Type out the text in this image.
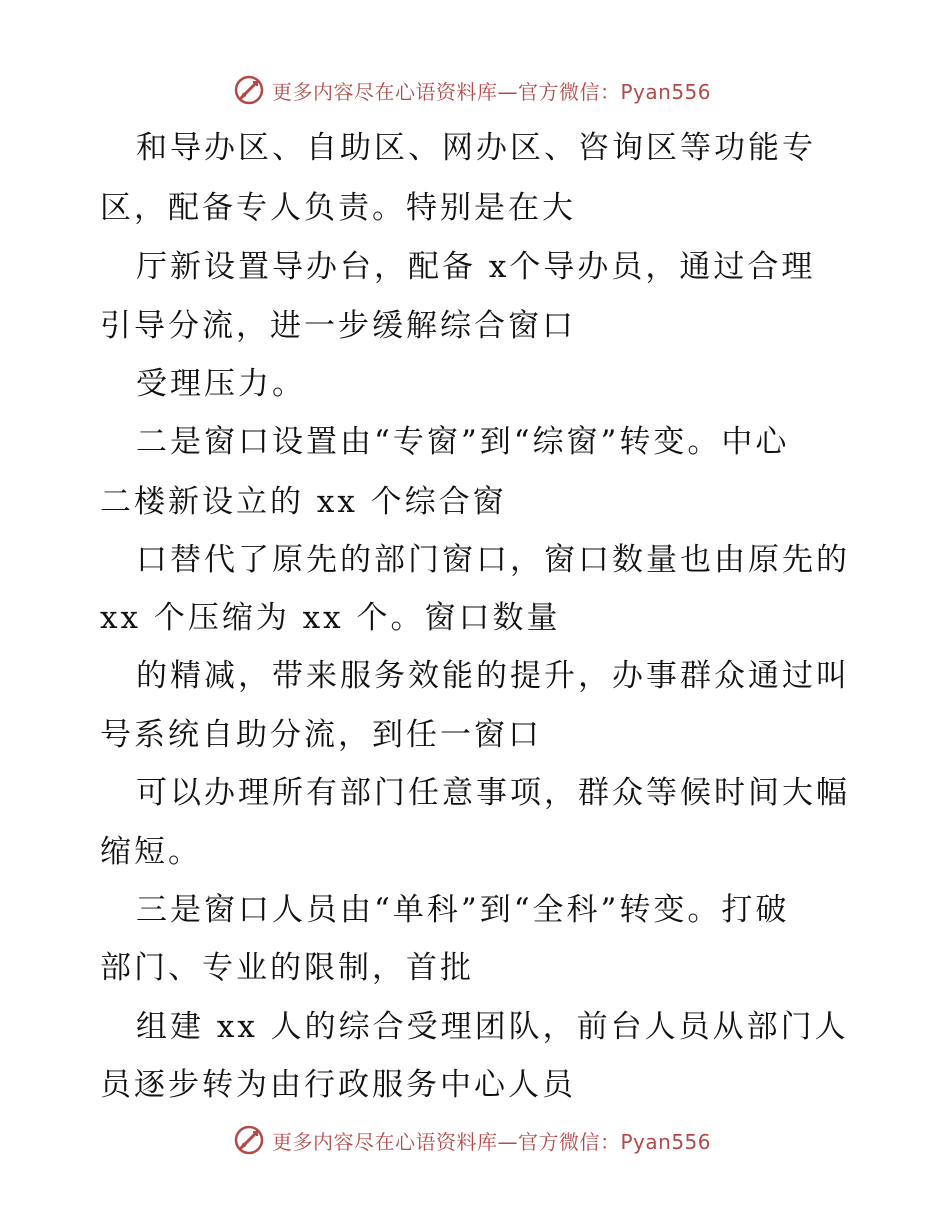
更多内容尽在心语资料库—官方微信：Pyan556
和导办区、自助区、网办区、咨询区等功能专
区，配备专人负责。特别是在大
厅新设置导办台，配备 x个导办员，通过合理
引导分流，进一步缓解综合窗口
受理压力。
二是窗口设置由“专窗”到“综窗”转变。中心
二楼新设立的 xx 个综合窗
口替代了原先的部门窗口，窗口数量也由原先的
xx 个压缩为 xx 个。窗口数量
的精减，带来服务效能的提升，办事群众通过叫
号系统自助分流，到任一窗口
可以办理所有部门任意事项，群众等候时间大幅
缩短。
三是窗口人员由“单科”到“全科”转变。打破
部门、专业的限制，首批
组建 xx 人的综合受理团队，前台人员从部门人
员逐步转为由行政服务中心人员
更多内容尽在心语资料库—官方微信：Pyan556
